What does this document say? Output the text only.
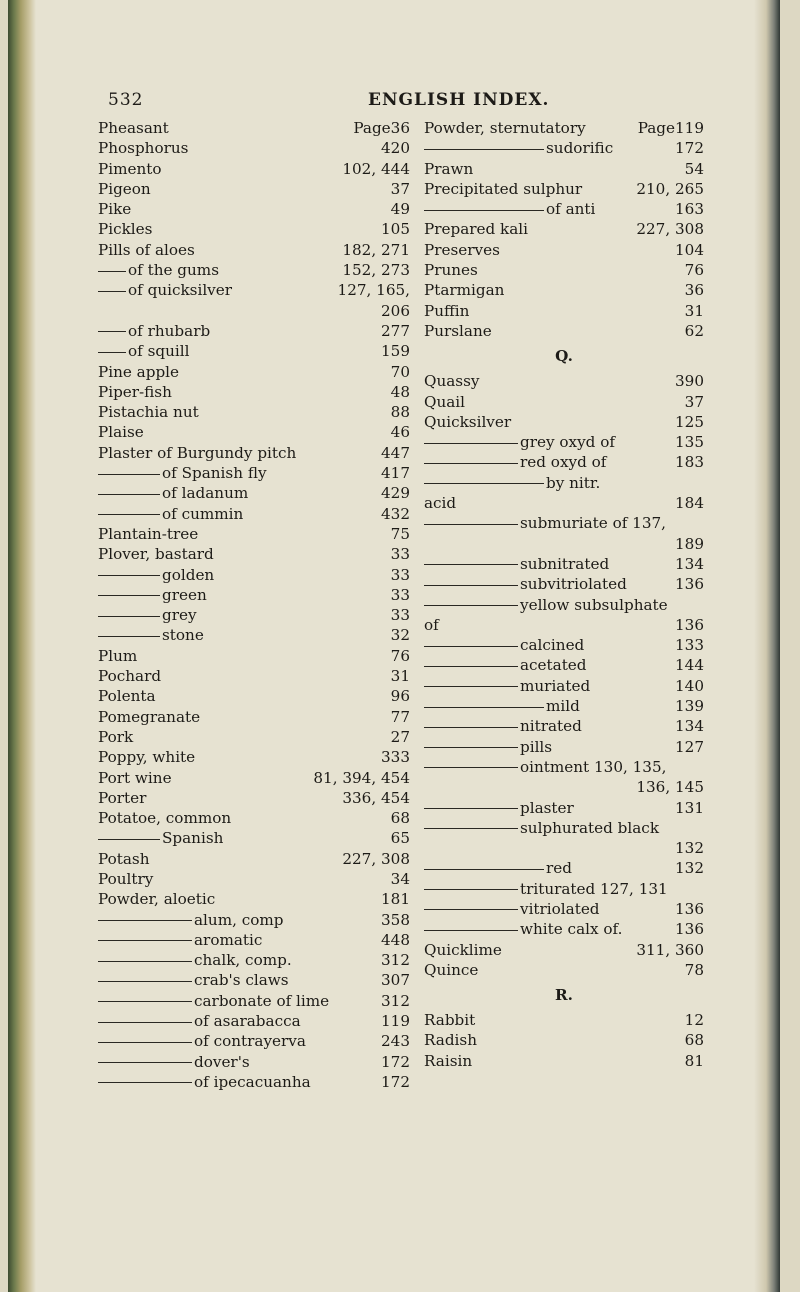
532	ENGLISH INDEX.
Pheasant	Page36
Phosphorus	420
Pimento	102, 444
Pigeon	37
Pike	49
Pickles	105
Pills of aloes	182, 271
of the gums	152, 273
of quicksilver	127, 165,
206
of rhubarb	277
of squill	159
Pine apple	70
Piper-fish	48
Pistachia nut	88
Plaise	46
Plaster of Burgundy pitch	447
of Spanish fly	417
of ladanum	429
of cummin	432
Plantain-tree	75
Plover, bastard	33
golden	33
green	33
grey	33
stone	32
Plum	76
Pochard	31
Polenta	96
Pomegranate	77
Pork	27
Poppy, white	333
Port wine	81, 394, 454
Porter	336, 454
Potatoe, common	68
Spanish	65
Potash	227, 308
Poultry	34
Powder, aloetic	181
alum, comp	358
aromatic	448
chalk, comp.	312
crab's claws	307
carbonate of lime	312
of asarabacca	119
of contrayerva	243
dover's	172
of ipecacuanha	172
Powder, sternutatory	Page119
sudorific	172
Prawn	54
Precipitated sulphur	210, 265
of anti	163
Prepared kali	227, 308
Preserves	104
Prunes	76
Ptarmigan	36
Puffin	31
Purslane	62
Q.
Quassy	390
Quail	37
Quicksilver	125
grey oxyd of	135
red oxyd of	183
by nitr.
acid	184
submuriate of 137,
189
subnitrated	134
subvitriolated	136
yellow subsulphate
of	136
calcined	133
acetated	144
muriated	140
mild	139
nitrated	134
pills	127
ointment 130, 135,
136, 145
plaster	131
sulphurated black
132
red	132
triturated 127, 131
vitriolated	136
white calx of.	136
Quicklime	311, 360
Quince	78
R.
Rabbit	12
Radish	68
Raisin	81
